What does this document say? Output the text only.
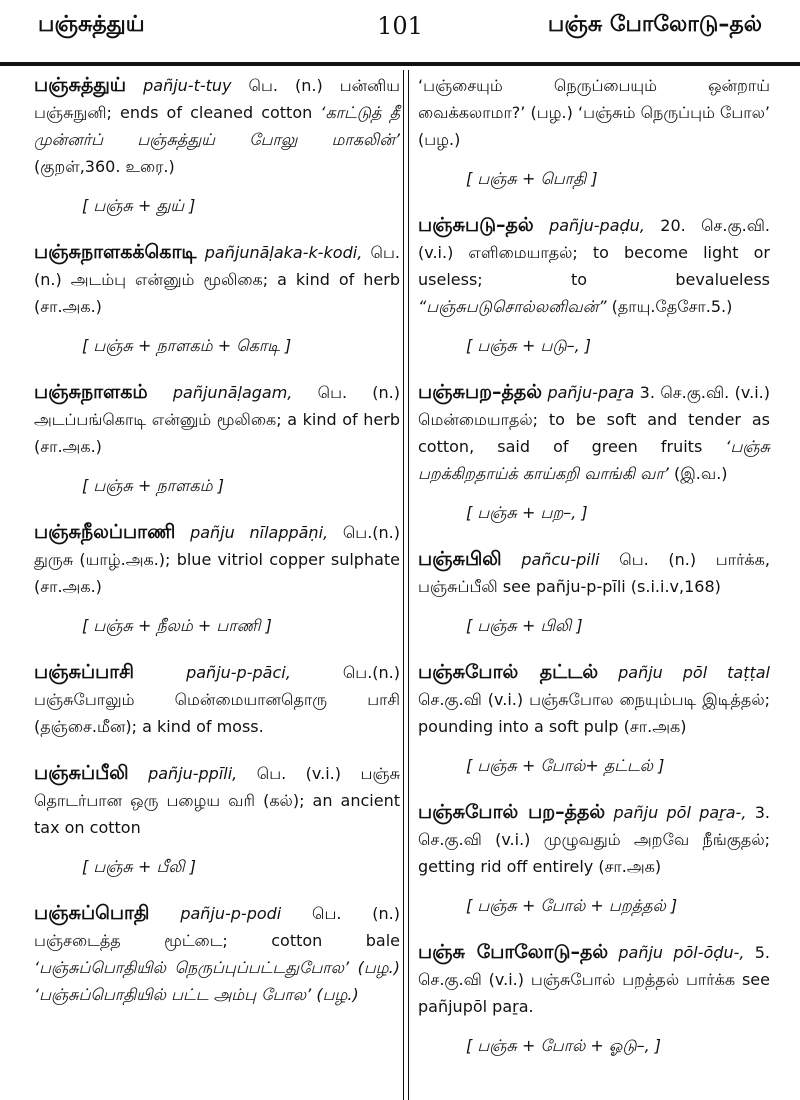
பஞ்சுத்துய்	101	பஞ்சு போலோடு–தல்
பஞ்சுத்துய் pañju-t-tuy பெ. (n.) பன்னிய பஞ்சுநுனி; ends of cleaned cotton ‘காட்டுத் தீ முன்னர்ப் பஞ்சுத்துய் போலு மாகலின்’ (குறள்,360. உரை.)
[ பஞ்சு + துய் ]
பஞ்சுநாளகக்கொடி pañjunāḷaka-k-kodi, பெ. (n.) அடம்பு என்னும் மூலிகை; a kind of herb (சா.அக.)
[ பஞ்சு + நாளகம் + கொடி ]
பஞ்சுநாளகம் pañjunāḷagam, பெ. (n.) அடப்பங்கொடி என்னும் மூலிகை; a kind of herb (சா.அக.)
[ பஞ்சு + நாளகம் ]
பஞ்சுநீலப்பாணி pañju nīlappāṇi, பெ.(n.) துருசு (யாழ்.அக.); blue vitriol copper sulphate (சா.அக.)
[ பஞ்சு + நீலம் + பாணி ]
பஞ்சுப்பாசி	pañju-p-pāci,	பெ.(n.) பஞ்சுபோலும் மென்மையானதொரு பாசி (தஞ்சை.மீன); a kind of moss.
பஞ்சுப்பீலி pañju-ppīli, பெ. (v.i.) பஞ்சு தொடர்பான ஒரு பழைய வரி (கல்); an ancient tax on cotton
[ பஞ்சு + பீலி ]
பஞ்சுப்பொதி pañju-p-podi பெ. (n.) பஞ்சடைத்த மூட்டை; cotton bale ‘பஞ்சுப்பொதியில் நெருப்புப்பட்டதுபோல’ (பழ.) ‘பஞ்சுப்பொதியில் பட்ட அம்பு போல’ (பழ.)
‘பஞ்சையும் நெருப்பையும் ஒன்றாய் வைக்கலாமா?’ (பழ.) ‘பஞ்சும் நெருப்பும் போல’ (பழ.)
[ பஞ்சு + பொதி ]
பஞ்சுபடு–தல் pañju-paḍu, 20. செ.கு.வி. (v.i.) எளிமையாதல்; to become light or useless; to bevalueless “பஞ்சுபடுசொல்லனிவன்” (தாயு.தேசோ.5.)
[ பஞ்சு + படு–, ]
பஞ்சுபற–த்தல் pañju-paṟa 3. செ.கு.வி. (v.i.) மென்மையாதல்; to be soft and tender as cotton, said of green fruits ‘பஞ்சு பறக்கிறதாய்க் காய்கறி வாங்கி வா’ (இ.வ.)
[ பஞ்சு + பற–, ]
பஞ்சுபிலி pañcu-pili பெ. (n.) பார்க்க, பஞ்சுப்பீலி see pañju-p-pīli (s.i.i.v,168)
[ பஞ்சு + பிலி ]
பஞ்சுபோல் தட்டல் pañju pōl taṭṭal செ.கு.வி (v.i.) பஞ்சுபோல நையும்படி இடித்தல்; pounding into a soft pulp (சா.அக)
[ பஞ்சு + போல்+ தட்டல் ]
பஞ்சுபோல் பற–த்தல் pañju pōl paṟa-, 3. செ.கு.வி (v.i.) முழுவதும் அறவே நீங்குதல்; getting rid off entirely (சா.அக)
[ பஞ்சு + போல் + பறத்தல் ]
பஞ்சு போலோடு–தல் pañju pōl-ōḍu-, 5. செ.கு.வி (v.i.) பஞ்சுபோல் பறத்தல் பார்க்க see pañjupōl paṟa.
[ பஞ்சு + போல் + ஓடு–, ]
